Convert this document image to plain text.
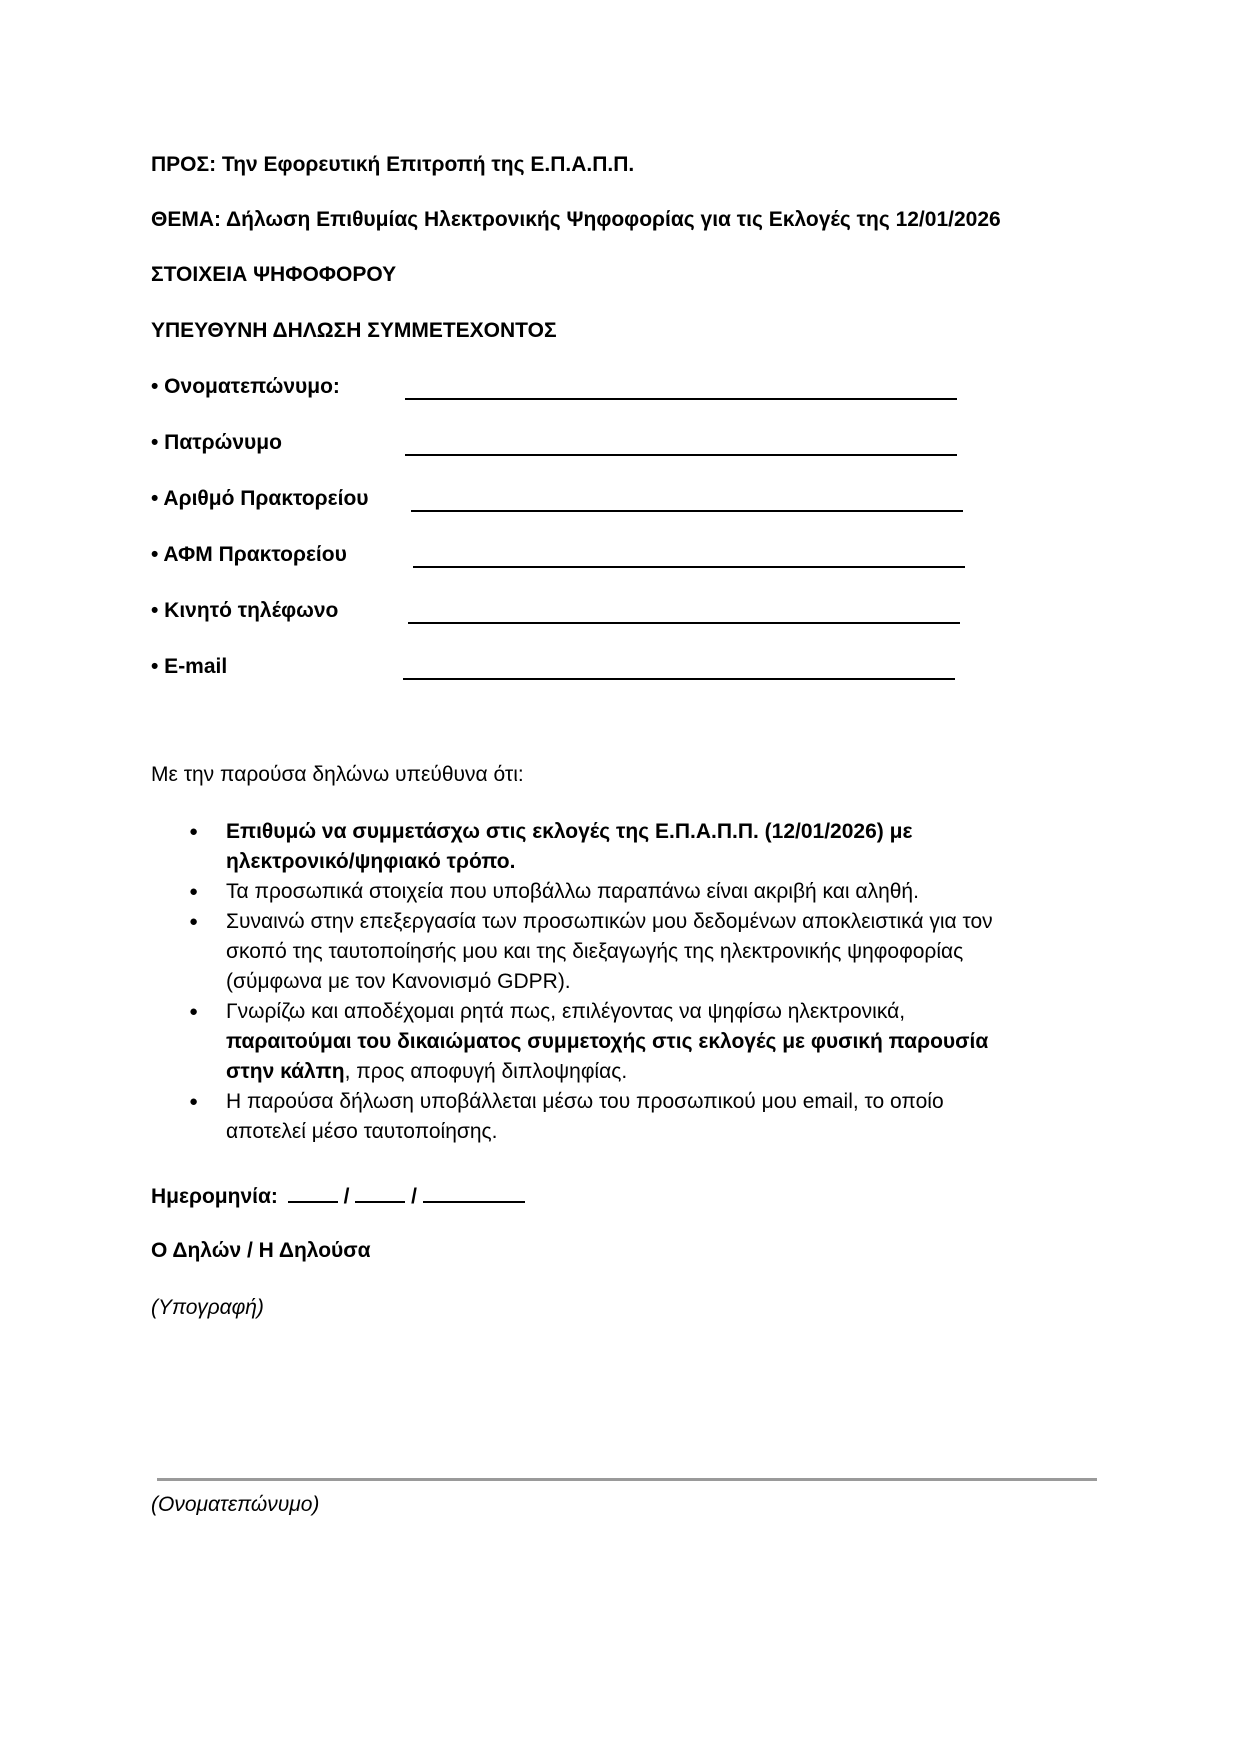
ΠΡΟΣ: Την Εφορευτική Επιτροπή της Ε.Π.Α.Π.Π.
ΘΕΜΑ: Δήλωση Επιθυμίας Ηλεκτρονικής Ψηφοφορίας για τις Εκλογές της 12/01/2026
ΣΤΟΙΧΕΙΑ ΨΗΦΟΦΟΡΟΥ
ΥΠΕΥΘΥΝΗ ΔΗΛΩΣΗ ΣΥΜΜΕΤΕΧΟΝΤΟΣ
• Ονοματεπώνυμο:
• Πατρώνυμο
• Αριθμό Πρακτορείου
• ΑΦΜ Πρακτορείου
• Κινητό τηλέφωνο
• E-mail
Με την παρούσα δηλώνω υπεύθυνα ότι:
● Επιθυμώ να συμμετάσχω στις εκλογές της Ε.Π.Α.Π.Π. (12/01/2026) με
ηλεκτρονικό/ψηφιακό τρόπο.
● Τα προσωπικά στοιχεία που υποβάλλω παραπάνω είναι ακριβή και αληθή.
● Συναινώ στην επεξεργασία των προσωπικών μου δεδομένων αποκλειστικά για τον
σκοπό της ταυτοποίησής μου και της διεξαγωγής της ηλεκτρονικής ψηφοφορίας
(σύμφωνα με τον Κανονισμό GDPR).
● Γνωρίζω και αποδέχομαι ρητά πως, επιλέγοντας να ψηφίσω ηλεκτρονικά,
παραιτούμαι του δικαιώματος συμμετοχής στις εκλογές με φυσική παρουσία
στην κάλπη, προς αποφυγή διπλοψηφίας.
● Η παρούσα δήλωση υποβάλλεται μέσω του προσωπικού μου email, το οποίο
αποτελεί μέσο ταυτοποίησης.
Ημερομηνία:	/	/
Ο Δηλών / Η Δηλούσα
(Υπογραφή)
(Ονοματεπώνυμο)
